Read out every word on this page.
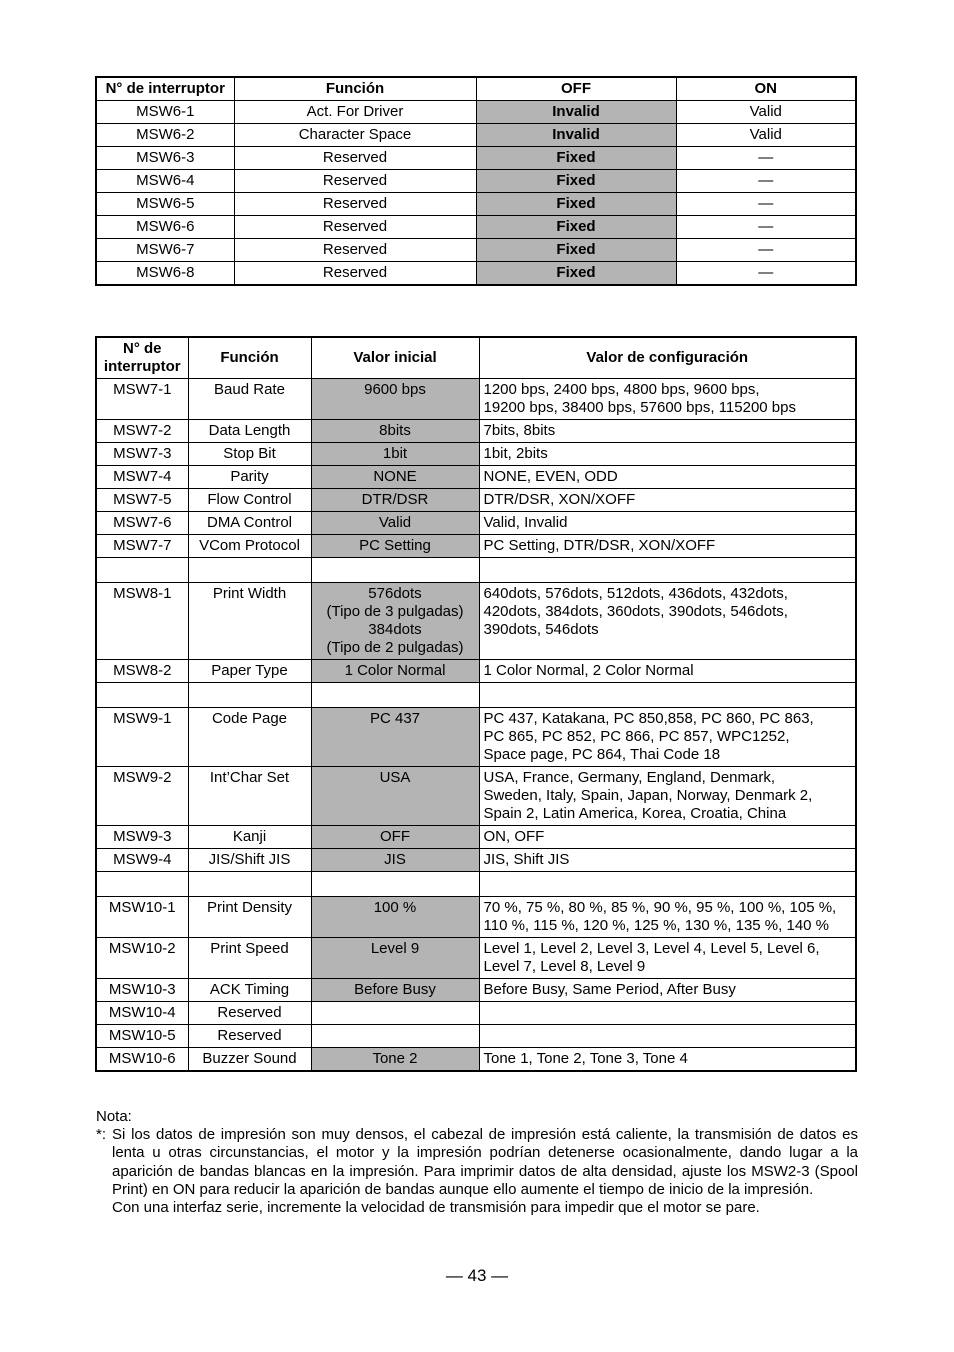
N° de interruptor	Función	OFF	ON
MSW6-1	Act. For Driver	Invalid	Valid
MSW6-2	Character Space	Invalid	Valid
MSW6-3	Reserved	Fixed	—
MSW6-4	Reserved	Fixed	—
MSW6-5	Reserved	Fixed	—
MSW6-6	Reserved	Fixed	—
MSW6-7	Reserved	Fixed	—
MSW6-8	Reserved	Fixed	—
N° de interruptor	Función	Valor inicial	Valor de configuración
MSW7-1	Baud Rate	9600 bps	1200 bps, 2400 bps, 4800 bps, 9600 bps,
19200 bps, 38400 bps, 57600 bps, 115200 bps
MSW7-2	Data Length	8bits	7bits, 8bits
MSW7-3	Stop Bit	1bit	1bit, 2bits
MSW7-4	Parity	NONE	NONE, EVEN, ODD
MSW7-5	Flow Control	DTR/DSR	DTR/DSR, XON/XOFF
MSW7-6	DMA Control	Valid	Valid, Invalid
MSW7-7	VCom Protocol	PC Setting	PC Setting, DTR/DSR, XON/XOFF

MSW8-1	Print Width	576dots
(Tipo de 3 pulgadas)
384dots
(Tipo de 2 pulgadas)	640dots, 576dots, 512dots, 436dots, 432dots,
420dots, 384dots, 360dots, 390dots, 546dots,
390dots, 546dots
MSW8-2	Paper Type	1 Color Normal	1 Color Normal, 2 Color Normal

MSW9-1	Code Page	PC 437	PC 437, Katakana, PC 850,858, PC 860, PC 863,
PC 865, PC 852, PC 866, PC 857, WPC1252,
Space page, PC 864, Thai Code 18
MSW9-2	Int’Char Set	USA	USA, France, Germany, England, Denmark,
Sweden, Italy, Spain, Japan, Norway, Denmark 2,
Spain 2, Latin America, Korea, Croatia, China
MSW9-3	Kanji	OFF	ON, OFF
MSW9-4	JIS/Shift JIS	JIS	JIS, Shift JIS

MSW10-1	Print Density	100 %	70 %, 75 %, 80 %, 85 %, 90 %, 95 %, 100 %, 105 %,
110 %, 115 %, 120 %, 125 %, 130 %, 135 %, 140 %
MSW10-2	Print Speed	Level 9	Level 1, Level 2, Level 3, Level 4, Level 5, Level 6,
Level 7, Level 8, Level 9
MSW10-3	ACK Timing	Before Busy	Before Busy, Same Period, After Busy
MSW10-4	Reserved		
MSW10-5	Reserved		
MSW10-6	Buzzer Sound	Tone 2	Tone 1, Tone 2, Tone 3, Tone 4
Nota:
*: Si los datos de impresión son muy densos, el cabezal de impresión está caliente, la transmisión de datos es lenta u otras circunstancias, el motor y la impresión podrían detenerse ocasionalmente, dando lugar a la aparición de bandas blancas en la impresión. Para imprimir datos de alta densidad, ajuste los MSW2-3 (Spool Print) en ON para reducir la aparición de bandas aunque ello aumente el tiempo de inicio de la impresión.
Con una interfaz serie, incremente la velocidad de transmisión para impedir que el motor se pare.
— 43 —
